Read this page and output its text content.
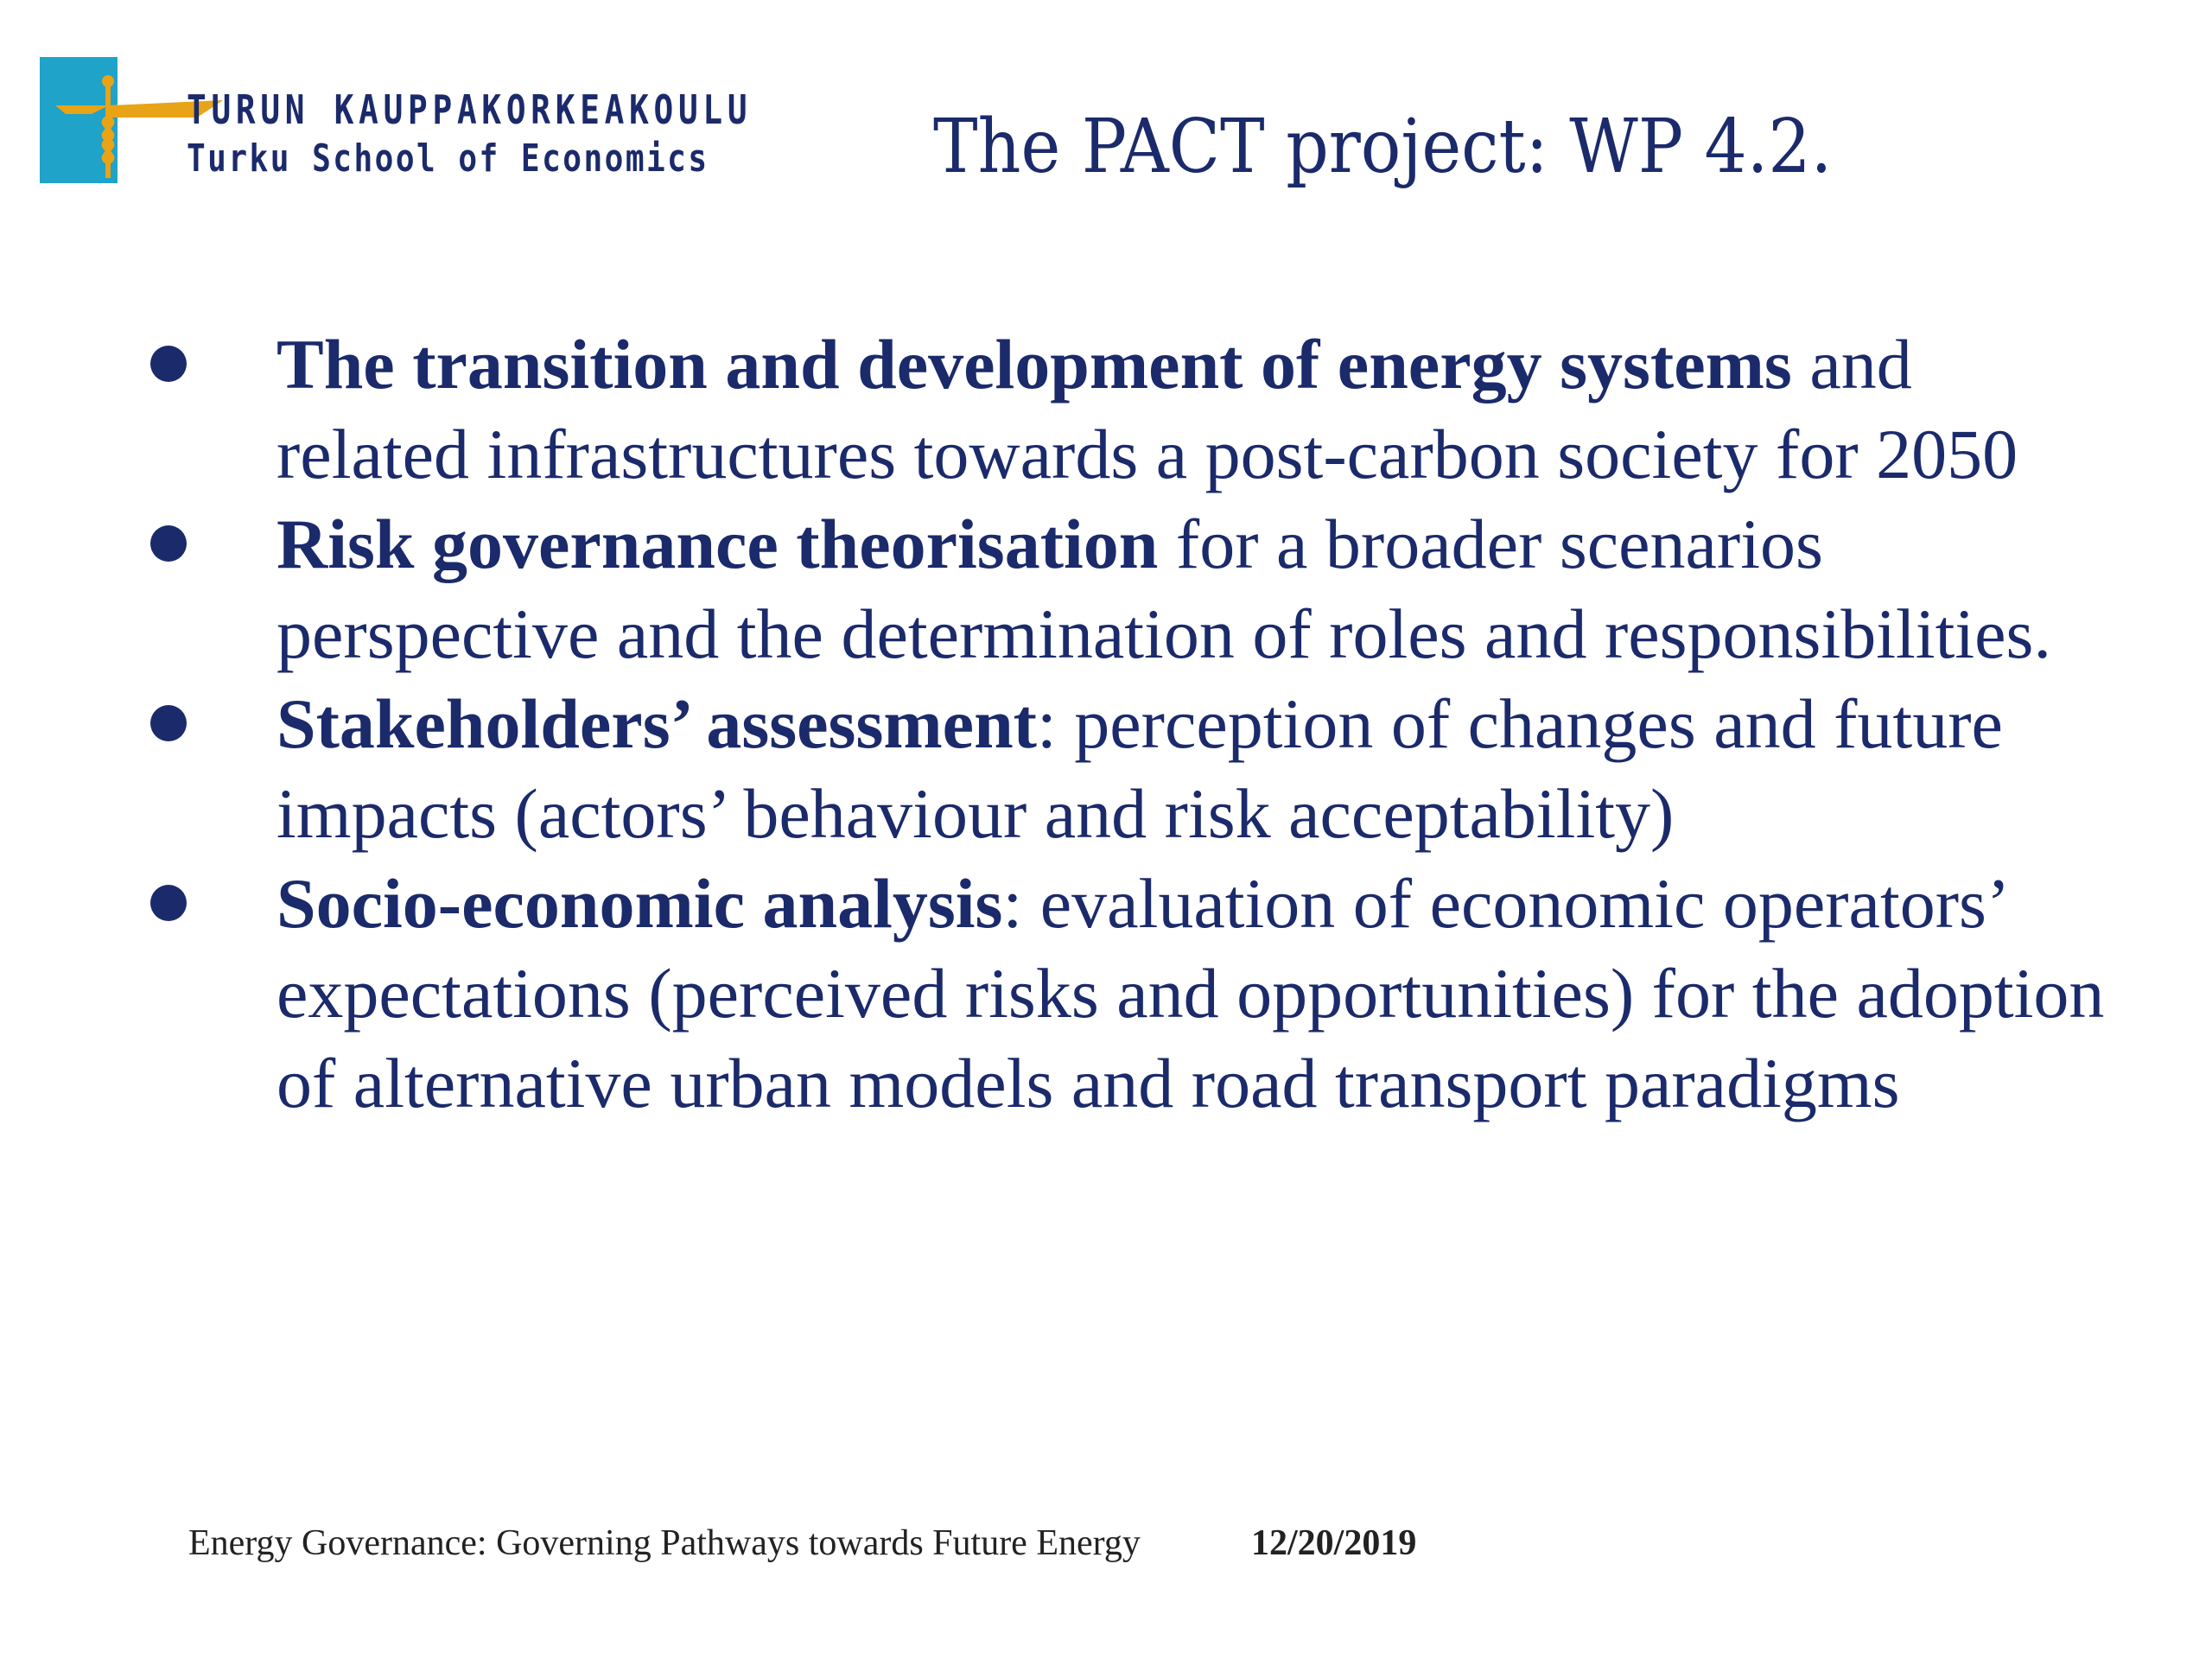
TURUN KAUPPAKORKEAKOULU
Turku School of Economics	The PACT project: WP 4.2.
The transition and development of energy systems and related infrastructures towards a post-carbon society for 2050
Risk governance theorisation for a broader scenarios perspective and the determination of roles and responsibilities.
Stakeholders’ assessment: perception of changes and future impacts (actors’ behaviour and risk acceptability)
Socio-economic analysis: evaluation of economic operators’ expectations (perceived risks and opportunities) for the adoption of alternative urban models and road transport paradigms
Energy Governance: Governing Pathways towards Future Energy	12/20/2019
